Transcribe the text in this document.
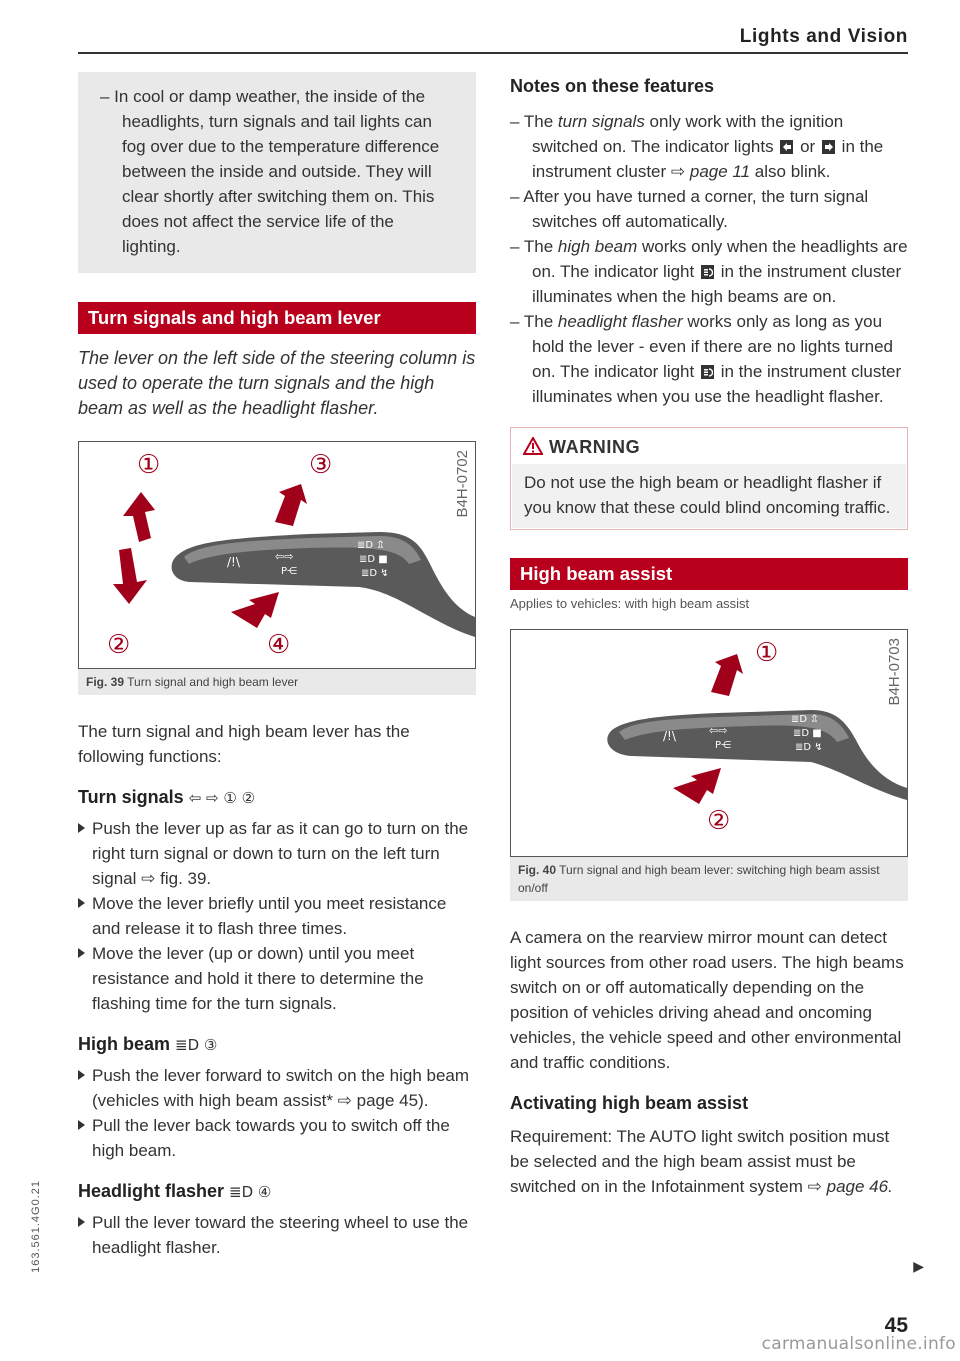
Lights and Vision

– In cool or damp weather, the inside of the headlights, turn signals and tail lights can fog over due to the temperature difference between the inside and outside. They will clear shortly after switching them on. This does not affect the service life of the lighting.

Turn signals and high beam lever

The lever on the left side of the steering column is used to operate the turn signals and the high beam as well as the headlight flasher.

B4H-0702
/!\	⇦⇨
P⋲
≣D ⇬
≣D ■
≣D ↯
①
②
③
④
Fig. 39 Turn signal and high beam lever

The turn signal and high beam lever has the following functions:

Turn signals ⇦ ⇨ ① ②

Push the lever up as far as it can go to turn on the right turn signal or down to turn on the left turn signal ⇨ fig. 39.

Move the lever briefly until you meet resistance and release it to flash three times.

Move the lever (up or down) until you meet resistance and hold it there to determine the flashing time for the turn signals.

High beam ≣D ③

Push the lever forward to switch on the high beam (vehicles with high beam assist* ⇨ page 45).

Pull the lever back towards you to switch off the high beam.

Headlight flasher ≣D ④

Pull the lever toward the steering wheel to use the headlight flasher.

Notes on these features

– The turn signals only work with the ignition switched on. The indicator lights or in the instrument cluster ⇨ page 11 also blink.

– After you have turned a corner, the turn signal switches off automatically.

– The high beam works only when the headlights are on. The indicator light in the instrument cluster illuminates when the high beams are on.

– The headlight flasher works only as long as you hold the lever - even if there are no lights turned on. The indicator light in the instrument cluster illuminates when you use the headlight flasher.

WARNING

Do not use the high beam or headlight flasher if you know that these could blind oncoming traffic.

High beam assist
Applies to vehicles: with high beam assist
B4H-0703
/!\	⇦⇨
P⋲
≣D ⇬
≣D ■
≣D ↯
①
②
Fig. 40 Turn signal and high beam lever: switching high beam assist on/off

A camera on the rearview mirror mount can detect light sources from other road users. The high beams switch on or off automatically depending on the position of vehicles driving ahead and oncoming vehicles, the vehicle speed and other environmental and traffic conditions.

Activating high beam assist

Requirement: The AUTO light switch position must be selected and the high beam assist must be switched on in the Infotainment system ⇨ page 46.

▶
45
163.561.4G0.21
carmanualsonline.info
